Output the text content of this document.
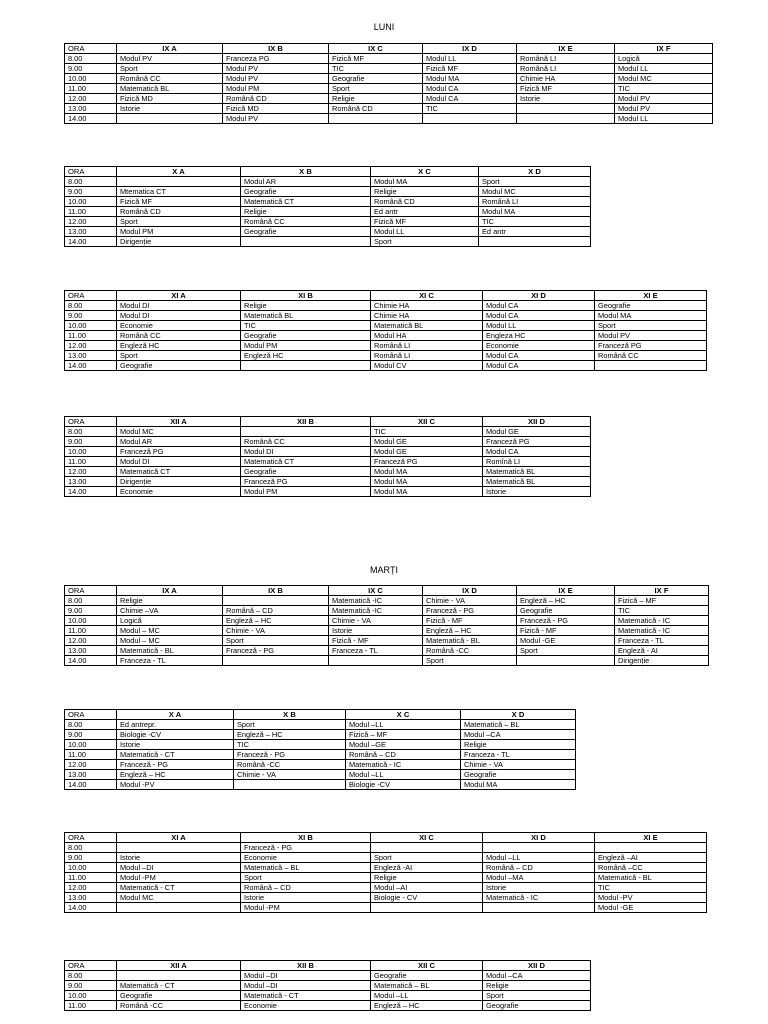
LUNI
MARȚI
ORA	IX A	IX B	IX C	IX D	IX E	IX F
8.00	Modul PV	Franceza PG	Fizică MF	Modul LL	Română LI	Logică
9.00	Sport	Modul PV	TIC	Fizică MF	Română LI	Modul LL
10.00	Română CC	Modul PV	Geografie	Modul MA	Chimie HA	Modul MC
11.00	Matematică BL	Modul PM	Sport	Modul CA	Fizică MF	TIC
12.00	Fizică MD	Română CD	Religie	Modul CA	Istorie	Modul PV
13.00	Istorie	Fizică MD	Română CD	TIC		Modul PV
14.00		Modul PV				Modul LL
ORA	X A	X B	X C	X D
8.00		Modul AR	Modul MA	Sport
9.00	Mtematica CT	Geografie	Religie	Modul MC
10.00	Fizică MF	Matematică CT	Română CD	Română LI
11.00	Română CD	Religie	Ed antr	Modul MA
12.00	Sport	Română CC	Fizică MF	TIC
13.00	Modul PM	Geografie	Modul LL	Ed antr
14.00	Dirigenție		Sport	
ORA	XI A	XI B	XI C	XI D	XI E
8.00	Modul DI	Religie	Chimie HA	Modul CA	Geografie
9.00	Modul DI	Matematică BL	Chimie HA	Modul CA	Modul MA
10.00	Economie	TIC	Matematică BL	Modul LL	Sport
11.00	Română CC	Geografie	Modul HA	Engleza HC	Modul PV
12.00	Engleză HC	Modul PM	Română LI	Economie	Franceză PG
13.00	Sport	Engleză HC	Română LI	Modul CA	Română CC
14.00	Geografie		Modul CV	Modul CA	
ORA	XII A	XII B	XII C	XII D
8.00	Modul MC		TIC	Modul GE
9.00	Modul AR	Română CC	Modul GE	Franceză PG
10.00	Franceză PG	Modul DI	Modul GE	Modul CA
11.00	Modul DI	Matematică CT	Franceză PG	Romînă LI
12.00	Matematică CT	Geografie	Modul MA	Matematică BL
13.00	Dirigenție	Franceză PG	Modul MA	Matematică BL
14.00	Economie	Modul PM	Modul MA	Istorie
ORA	IX A	IX B	IX C	IX D	IX E	IX F
8.00	Religie		Matematică -IC	Chimie - VA	Engleză – HC	Fizică – MF
9.00	Chimie –VA	Română – CD	Matematică -IC	Franceză - PG	Geografie	TIC
10.00	Logică	Engleză – HC	Chimie - VA	Fizică - MF	Franceză - PG	Matematică - IC
11.00	Modul – MC	Chimie - VA	Istorie	Engleză – HC	Fizică - MF	Matematică - IC
12.00	Modul – MC	Sport	Fizică - MF	Matematică - BL	Modul -GE	Franceza - TL
13.00	Matematică - BL	Franceză - PG	Franceza - TL	Română -CC	Sport	Engleză - AI
14.00	Franceza - TL			Sport		Dirigenție
ORA	X A	X B	X C	X D
8.00	Ed antrepr.	Sport	Modul –LL	Matematică – BL
9.00	Biologie -CV	Engleză – HC	Fizică – MF	Modul –CA
10.00	Istorie	TIC	Modul –GE	Religie
11.00	Matematică - CT	Franceză - PG	Română – CD	Franceza - TL
12.00	Franceză - PG	Română -CC	Matematică - IC	Chimie - VA
13.00	Engleză – HC	Chimie - VA	Modul –LL	Geografie
14.00	Modul -PV		Biologie -CV	Modul MA
ORA	XI A	XI B	XI C	XI D	XI E
8.00		Franceză - PG			
9.00	Istorie	Economie	Sport	Modul –LL	Engleză –AI
10.00	Modul –DI	Matematică – BL	Engleză -AI	Română – CD	Română –CC
11.00	Modul -PM	Sport	Religie	Modul –MA	Matematică - BL
12.00	Matematică - CT	Română – CD	Modul –AI	Istorie	TIC
13.00	Modul MC	Istorie	Biologie - CV	Matematică - IC	Modul -PV
14.00		Modul -PM			Modul -GE
ORA	XII A	XII B	XII C	XII D
8.00		Modul –DI	Geografie	Modul –CA
9.00	Matematică - CT	Modul –DI	Matematică – BL	Religie
10.00	Geografie	Matematică - CT	Modul –LL	Sport
11.00	Română -CC	Economie	Engleză – HC	Geografie
